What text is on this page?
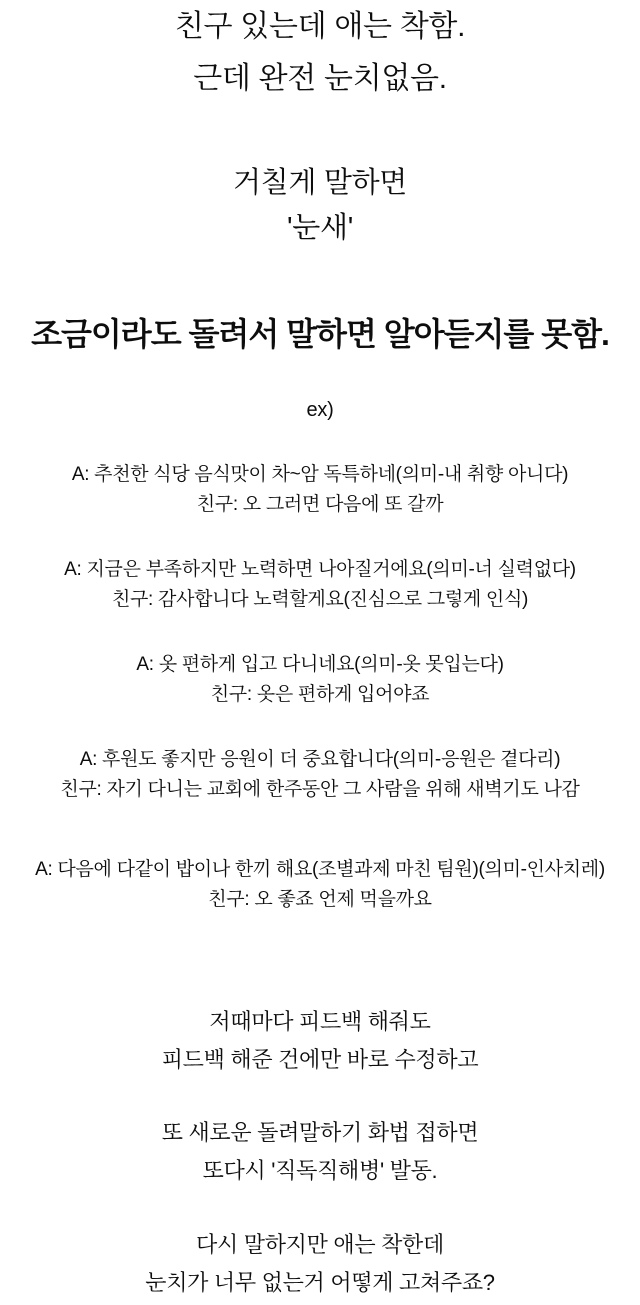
친구 있는데 애는 착함.
근데 완전 눈치없음.
거칠게 말하면
'눈새'
조금이라도 돌려서 말하면 알아듣지를 못함.
ex)
A: 추천한 식당 음식맛이 차~암 독특하네(의미-내 취향 아니다)
친구: 오 그러면 다음에 또 갈까
A: 지금은 부족하지만 노력하면 나아질거에요(의미-너 실력없다)
친구: 감사합니다 노력할게요(진심으로 그렇게 인식)
A: 옷 편하게 입고 다니네요(의미-옷 못입는다)
친구: 옷은 편하게 입어야죠
A: 후원도 좋지만 응원이 더 중요합니다(의미-응원은 곁다리)
친구: 자기 다니는 교회에 한주동안 그 사람을 위해 새벽기도 나감
A: 다음에 다같이 밥이나 한끼 해요(조별과제 마친 팀원)(의미-인사치레)
친구: 오 좋죠 언제 먹을까요
저때마다 피드백 해줘도
피드백 해준 건에만 바로 수정하고
또 새로운 돌려말하기 화법 접하면
또다시 '직독직해병' 발동.
다시 말하지만 애는 착한데
눈치가 너무 없는거 어떻게 고쳐주죠?
